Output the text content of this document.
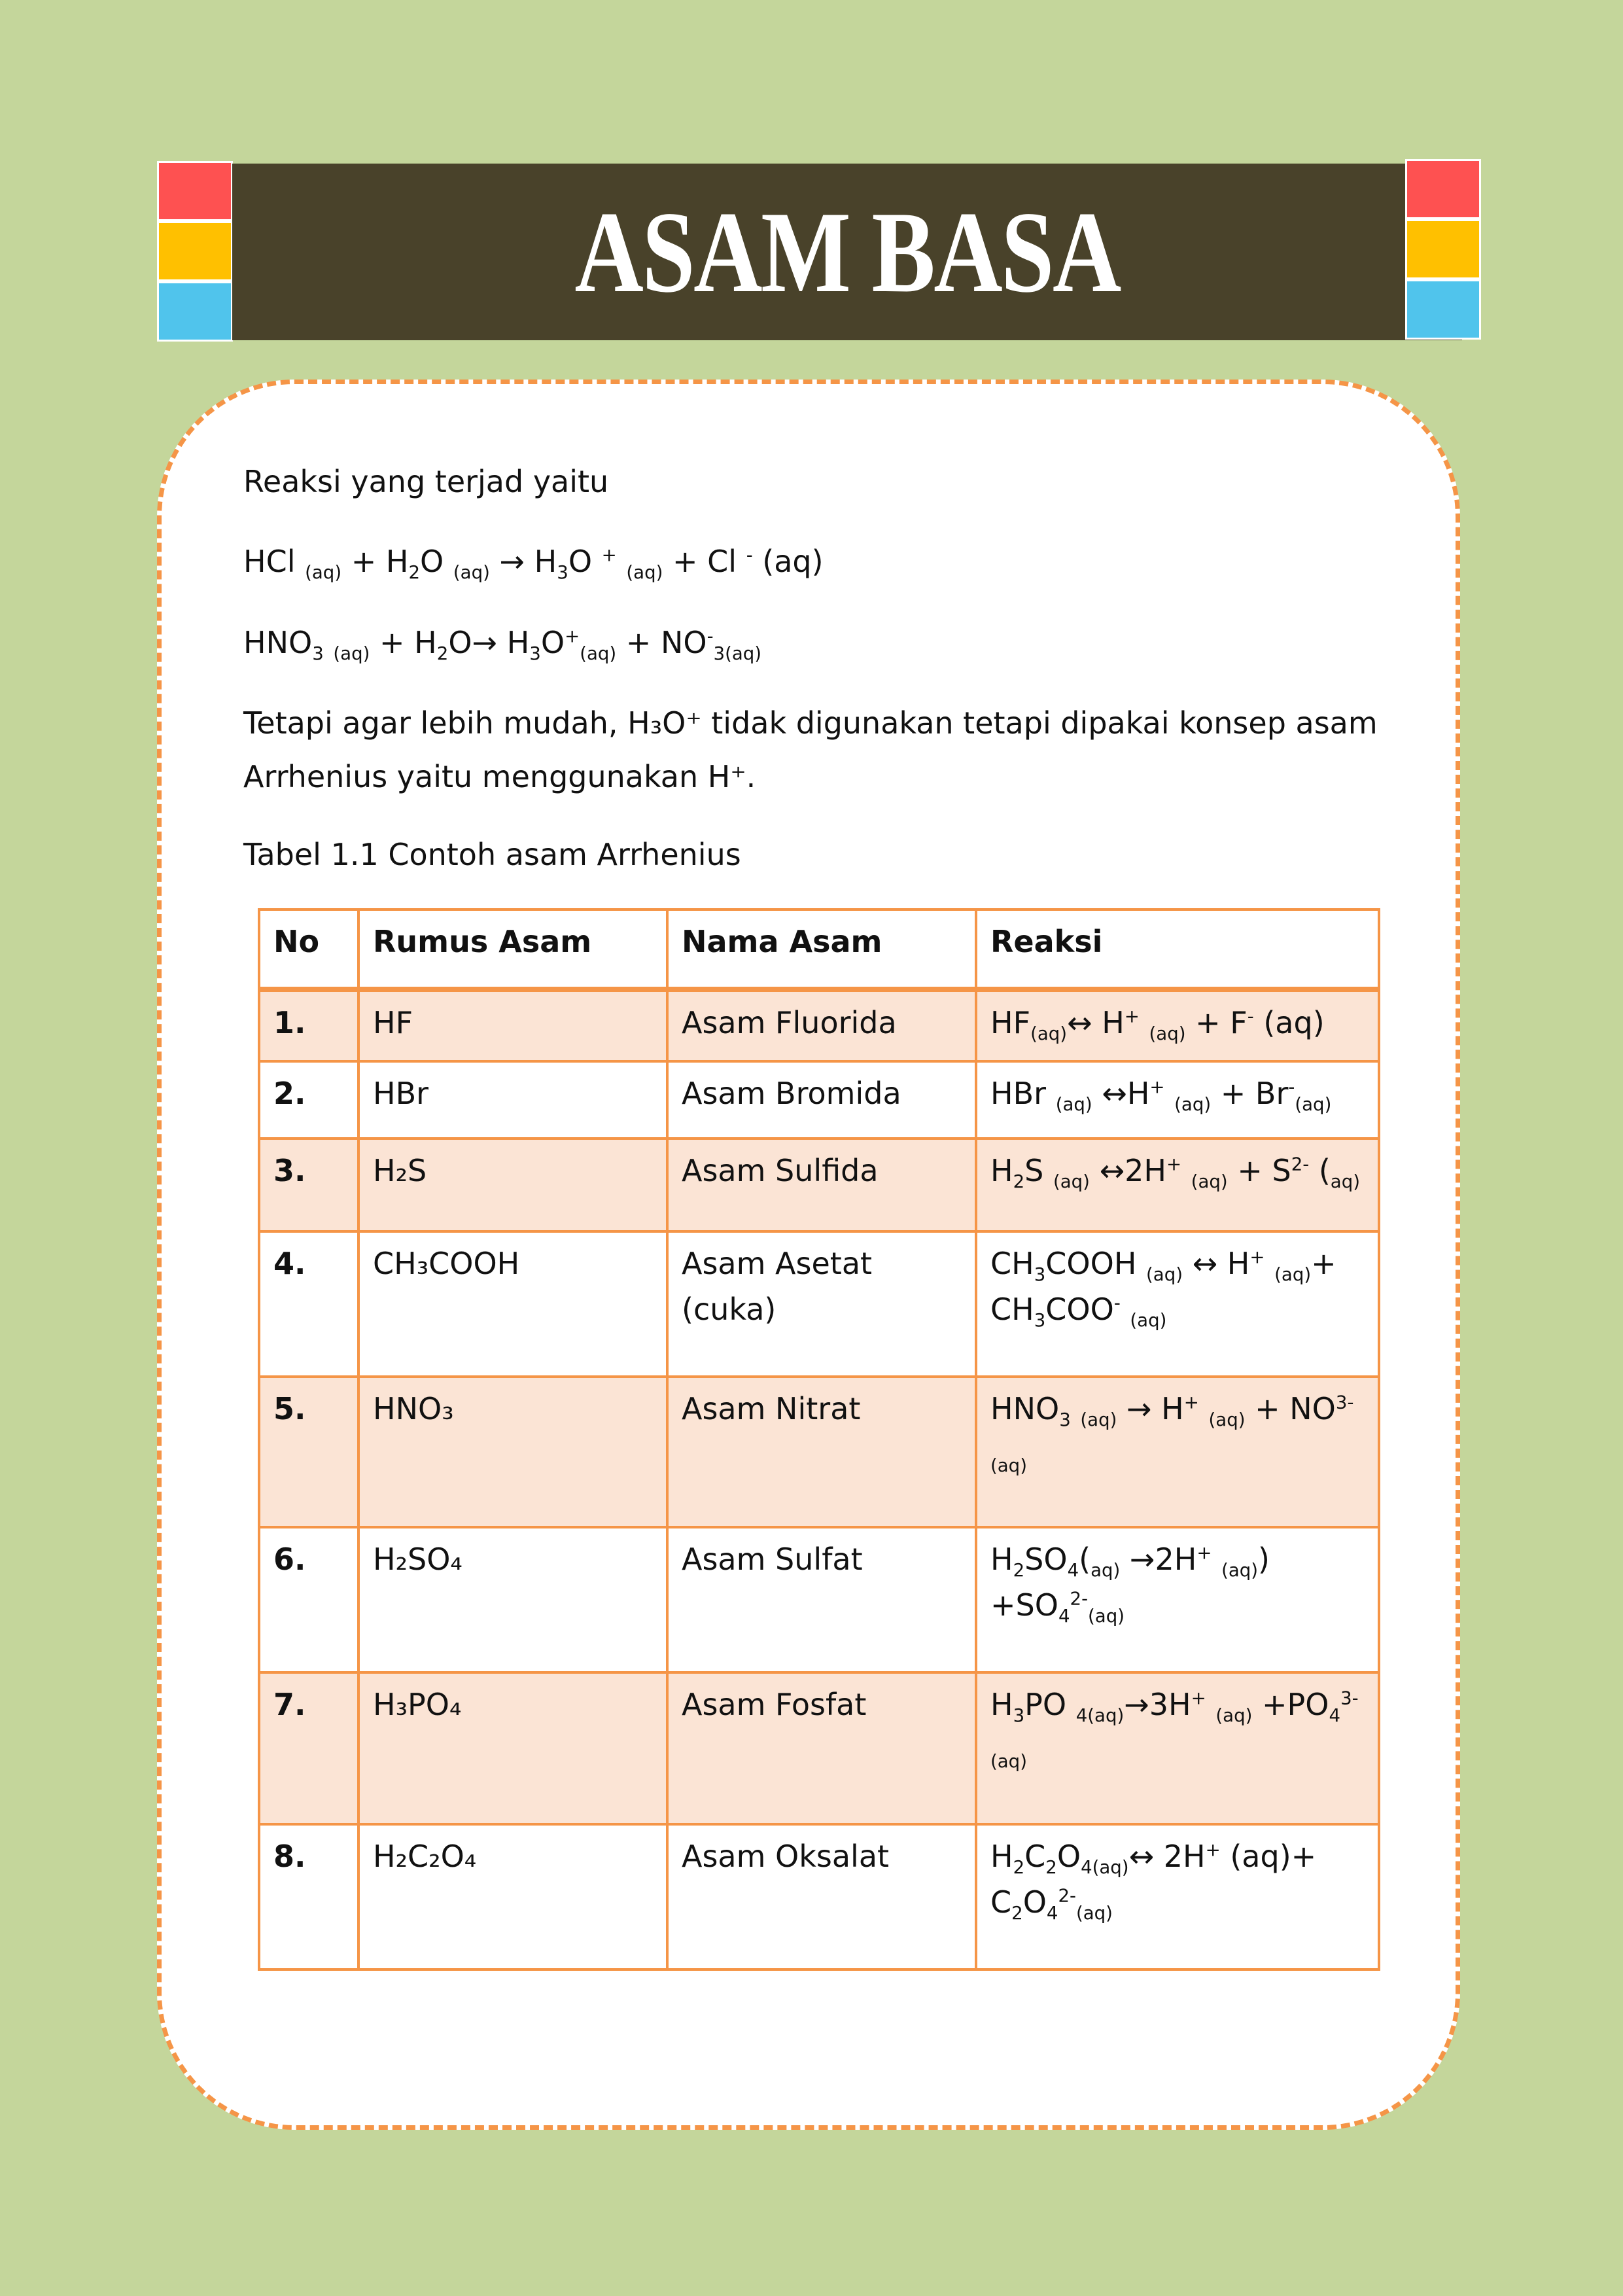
ASAM BASA
Reaksi yang terjad yaitu
HCl $_{(aq)} + H_2O$ $_{(aq)} \to H_3O$ + $_{(aq)}$ + Cl - (aq)
$HNO_3$ $_{(aq)} + H_2O\to H_3O^+_{(aq)} + NO^-_{3(aq)}$
Tetapi agar lebih mudah, H₃O⁺ tidak digunakan tetapi dipakai konsep asam Arrhenius yaitu menggunakan H⁺.
Tabel 1.1 Contoh asam Arrhenius
No	Rumus Asam	Nama Asam	Reaksi
1.	HF	Asam Fluorida	$HF_{(aq)}\leftrightarrow$ H+ $_{(aq)}$ + F- (aq)
2.	HBr	Asam Bromida	HBr $_{(aq)}$ ↔H+ $_{(aq)} + Br^-_{(aq)}$
3.	H₂S	Asam Sulfida	$H_2S$ $_{(aq)}$ ↔2H+ $_{(aq)} + S^{2-}$ ($_{aq)}$
4.	CH₃COOH	Asam Asetat (cuka)	$CH_3COOH$ $_{(aq)}$ ↔ H+ $_{(aq)}+ CH_3COO^-$ $_{(aq)}$
5.	HNO₃	Asam Nitrat	$HNO_3$ $_{(aq)}$ → H+ $_{(aq)} + NO^{3-}$ $_{(aq)}$
6.	H₂SO₄	Asam Sulfat	$H_2SO_4(_{aq)} \to 2H^+$ $_{(aq)}) +SO_4^{2-}_{(aq)}$
7.	H₃PO₄	Asam Fosfat	$H_3PO$ $_{4(aq)}$→3H+ $_{(aq)} +PO_4^{3-}_{(aq)}$
8.	H₂C₂O₄	Asam Oksalat	$H_2C_2O_{4(aq)}\leftrightarrow$ 2H+ $(aq)+ C_2O_4^{2-}_{(aq)}$
